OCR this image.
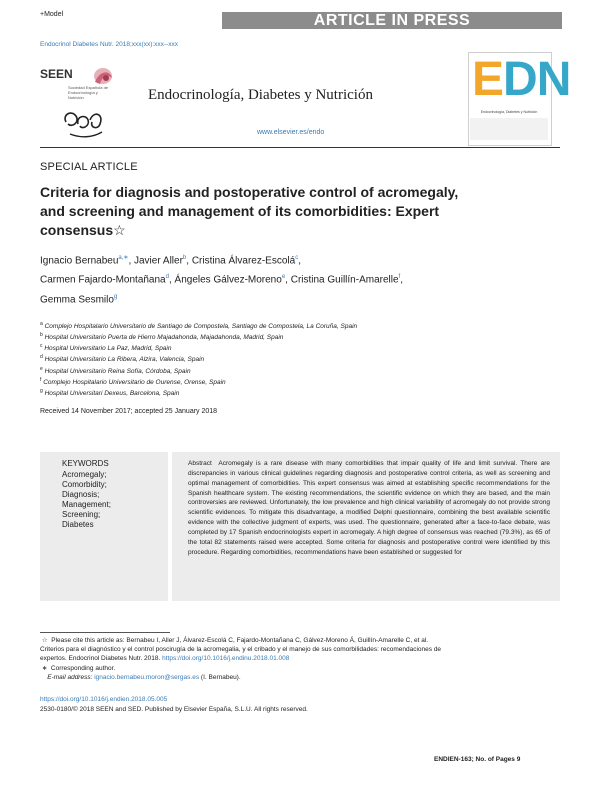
+Model	ARTICLE IN PRESS
Endocrinol Diabetes Nutr. 2018;xxx(xx):xxx--xxx
SEEN
Sociedad Española de Endocrinología y Nutrición	Endocrinología, Diabetes y Nutrición
www.elsevier.es/endo
EDN
Endocrinología, Diabetes y Nutrición
SPECIAL ARTICLE
Criteria for diagnosis and postoperative control of acromegaly, and screening and management of its comorbidities: Expert consensus☆
Ignacio Bernabeu$^{a,∗}$, Javier Aller$^b$, Cristina Álvarez-Escolá$^c$,
Carmen Fajardo-Montañana$^d$, Ángeles Gálvez-Moreno$^e$, Cristina Guillín-Amarelle$^f$,
Gemma Sesmilo$^g$
$^a$ Complejo Hospitalario Universitario de Santiago de Compostela, Santiago de Compostela, La Coruña, Spain
$^b$ Hospital Universitario Puerta de Hierro Majadahonda, Majadahonda, Madrid, Spain
$^c$ Hospital Universitario La Paz, Madrid, Spain
$^d$ Hospital Universitario La Ribera, Alzira, Valencia, Spain
$^e$ Hospital Universitario Reina Sofía, Córdoba, Spain
$^f$ Complejo Hospitalario Universitario de Ourense, Orense, Spain
$^g$ Hospital Universitari Dexeus, Barcelona, Spain
Received 14 November 2017; accepted 25 January 2018
KEYWORDS
Acromegaly;
Comorbidity;
Diagnosis;
Management;
Screening;
Diabetes
Abstract Acromegaly is a rare disease with many comorbidities that impair quality of life and limit survival. There are discrepancies in various clinical guidelines regarding diagnosis and postoperative control criteria, as well as screening and optimal management of comorbidities. This expert consensus was aimed at establishing specific recommendations for the Spanish healthcare system. The existing recommendations, the scientific evidence on which they are based, and the main controversies are reviewed. Unfortunately, the low prevalence and high clinical variability of acromegaly do not provide strong scientific evidences. To mitigate this disadvantage, a modified Delphi questionnaire, combining the best available scientific evidence with the collective judgment of experts, was used. The questionnaire, generated after a face-to-face debate, was completed by 17 Spanish endocrinologists expert in acromegaly. A high degree of consensus was reached (79.3%), as 65 of the total 82 statements raised were accepted. Some criteria for diagnosis and postoperative control were identified by this procedure. Regarding comorbidities, recommendations have been established or suggested for
☆ Please cite this article as: Bernabeu I, Aller J, Álvarez-Escolá C, Fajardo-Montañana C, Gálvez-Moreno Á, Guillín-Amarelle C, et al.
Criterios para el diagnóstico y el control poscirugía de la acromegalia, y el cribado y el manejo de sus comorbilidades: recomendaciones de
expertos. Endocrinol Diabetes Nutr. 2018. https://doi.org/10.1016/j.endinu.2018.01.008
∗ Corresponding author.
E-mail address: ignacio.bernabeu.moron@sergas.es (I. Bernabeu).
https://doi.org/10.1016/j.endien.2018.05.005
2530-0180/© 2018 SEEN and SED. Published by Elsevier España, S.L.U. All rights reserved.
ENDIEN-163; No. of Pages 9
